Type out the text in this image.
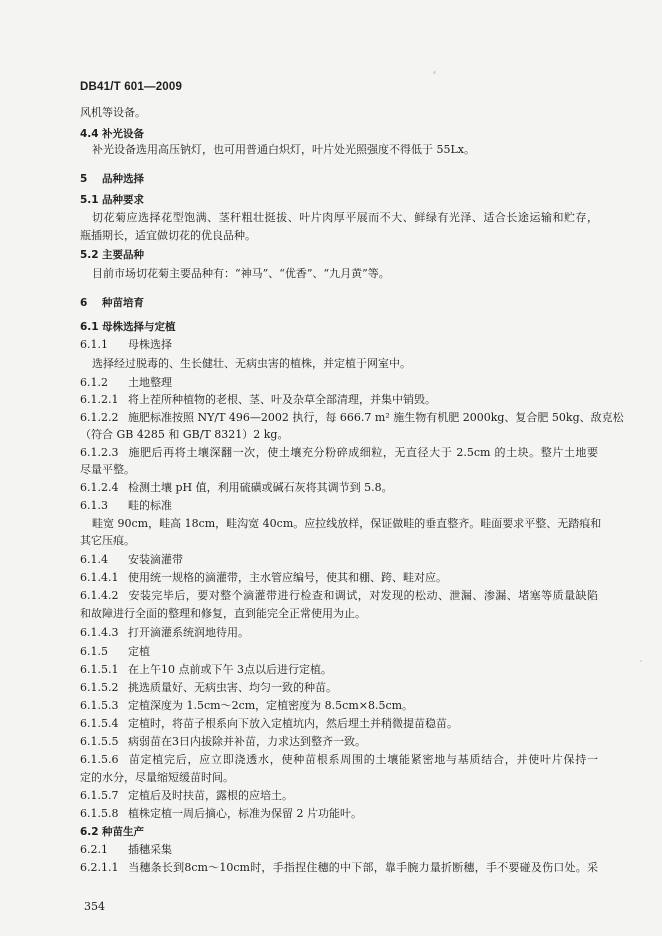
DB41/T 601—2009
风机等设备。
4.4 补光设备
补光设备选用高压钠灯，也可用普通白炽灯，叶片处光照强度不得低于 55Lx。
5 品种选择
5.1 品种要求
切花菊应选择花型饱满、茎秆粗壮挺拔、叶片肉厚平展而不大、鲜绿有光泽、适合长途运输和贮存，
瓶插期长，适宜做切花的优良品种。
5.2 主要品种
目前市场切花菊主要品种有：“神马”、“优香”、“九月黄”等。
6 种苗培育
6.1 母株选择与定植
6.1.1 母株选择
选择经过脱毒的、生长健壮、无病虫害的植株，并定植于网室中。
6.1.2 土地整理
6.1.2.1 将上茬所种植物的老根、茎、叶及杂草全部清理，并集中销毁。
6.1.2.2 施肥标准按照 NY/T 496—2002 执行，每 666.7 m² 施生物有机肥 2000kg、复合肥 50kg、敌克松
（符合 GB 4285 和 GB/T 8321）2 kg。
6.1.2.3 施肥后再将土壤深翻一次，使土壤充分粉碎成细粒，无直径大于 2.5cm 的土块。整片土地要
尽量平整。
6.1.2.4 检测土壤 pH 值，利用硫磺或碱石灰将其调节到 5.8。
6.1.3 畦的标准
畦宽 90cm，畦高 18cm，畦沟宽 40cm。应拉线放样，保证做畦的垂直整齐。畦面要求平整、无踏痕和
其它压痕。
6.1.4 安装滴灌带
6.1.4.1 使用统一规格的滴灌带，主水管应编号，使其和棚、跨、畦对应。
6.1.4.2 安装完毕后，要对整个滴灌带进行检查和调试，对发现的松动、泄漏、渗漏、堵塞等质量缺陷
和故障进行全面的整理和修复，直到能完全正常使用为止。
6.1.4.3 打开滴灌系统润地待用。
6.1.5 定植
6.1.5.1 在上午10 点前或下午 3点以后进行定植。
6.1.5.2 挑选质量好、无病虫害、均匀一致的种苗。
6.1.5.3 定植深度为 1.5cm～2cm，定植密度为 8.5cm×8.5cm。
6.1.5.4 定植时，将苗子根系向下放入定植坑内，然后埋土并稍微提苗稳苗。
6.1.5.5 病弱苗在3日内拔除并补苗，力求达到整齐一致。
6.1.5.6 苗定植完后，应立即浇透水，使种苗根系周围的土壤能紧密地与基质结合，并使叶片保持一
定的水分，尽量缩短缓苗时间。
6.1.5.7 定植后及时扶苗，露根的应培土。
6.1.5.8 植株定植一周后摘心，标准为保留 2 片功能叶。
6.2 种苗生产
6.2.1 插穗采集
6.2.1.1 当穗条长到8cm～10cm时，手指捏住穗的中下部，靠手腕力量折断穗，手不要碰及伤口处。采
354
